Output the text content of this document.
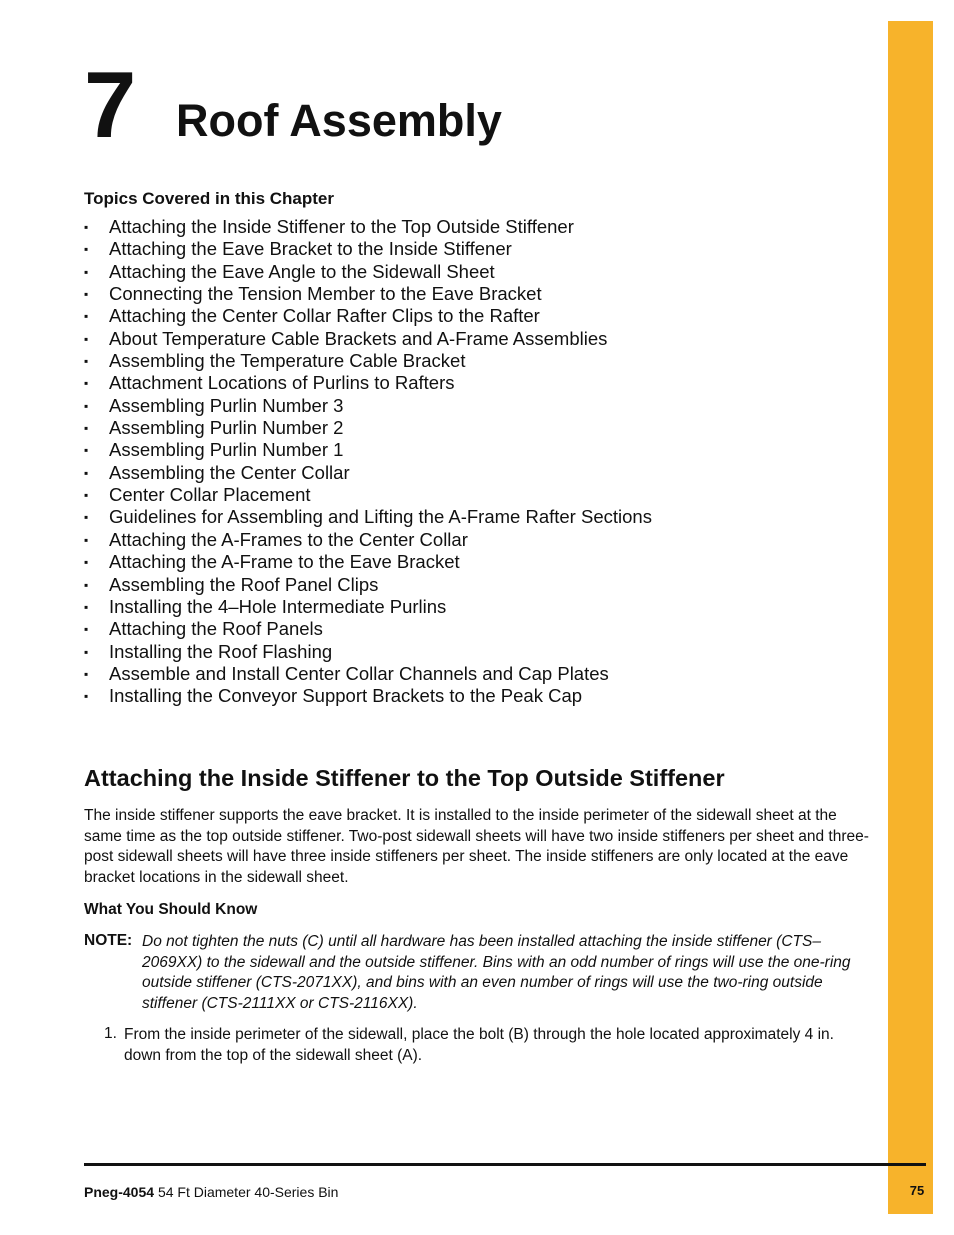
7 Roof Assembly
Topics Covered in this Chapter
▪ Attaching the Inside Stiffener to the Top Outside Stiffener
▪ Attaching the Eave Bracket to the Inside Stiffener
▪ Attaching the Eave Angle to the Sidewall Sheet
▪ Connecting the Tension Member to the Eave Bracket
▪ Attaching the Center Collar Rafter Clips to the Rafter
▪ About Temperature Cable Brackets and A-Frame Assemblies
▪ Assembling the Temperature Cable Bracket
▪ Attachment Locations of Purlins to Rafters
▪ Assembling Purlin Number 3
▪ Assembling Purlin Number 2
▪ Assembling Purlin Number 1
▪ Assembling the Center Collar
▪ Center Collar Placement
▪ Guidelines for Assembling and Lifting the A-Frame Rafter Sections
▪ Attaching the A-Frames to the Center Collar
▪ Attaching the A-Frame to the Eave Bracket
▪ Assembling the Roof Panel Clips
▪ Installing the 4–Hole Intermediate Purlins
▪ Attaching the Roof Panels
▪ Installing the Roof Flashing
▪ Assemble and Install Center Collar Channels and Cap Plates
▪ Installing the Conveyor Support Brackets to the Peak Cap
Attaching the Inside Stiffener to the Top Outside Stiffener

The inside stiffener supports the eave bracket. It is installed to the inside perimeter of the sidewall sheet at the same time as the top outside stiffener. Two-post sidewall sheets will have two inside stiffeners per sheet and three-post sidewall sheets will have three inside stiffeners per sheet. The inside stiffeners are only located at the eave bracket locations in the sidewall sheet.

What You Should Know
NOTE: Do not tighten the nuts (C) until all hardware has been installed attaching the inside stiffener (CTS–2069XX) to the sidewall and the outside stiffener. Bins with an odd number of rings will use the one-ring outside stiffener (CTS-2071XX), and bins with an even number of rings will use the two-ring outside stiffener (CTS-2111XX or CTS-2116XX).

1. From the inside perimeter of the sidewall, place the bolt (B) through the hole located approximately 4 in. down from the top of the sidewall sheet (A).

Pneg-4054 54 Ft Diameter 40-Series Bin	75
